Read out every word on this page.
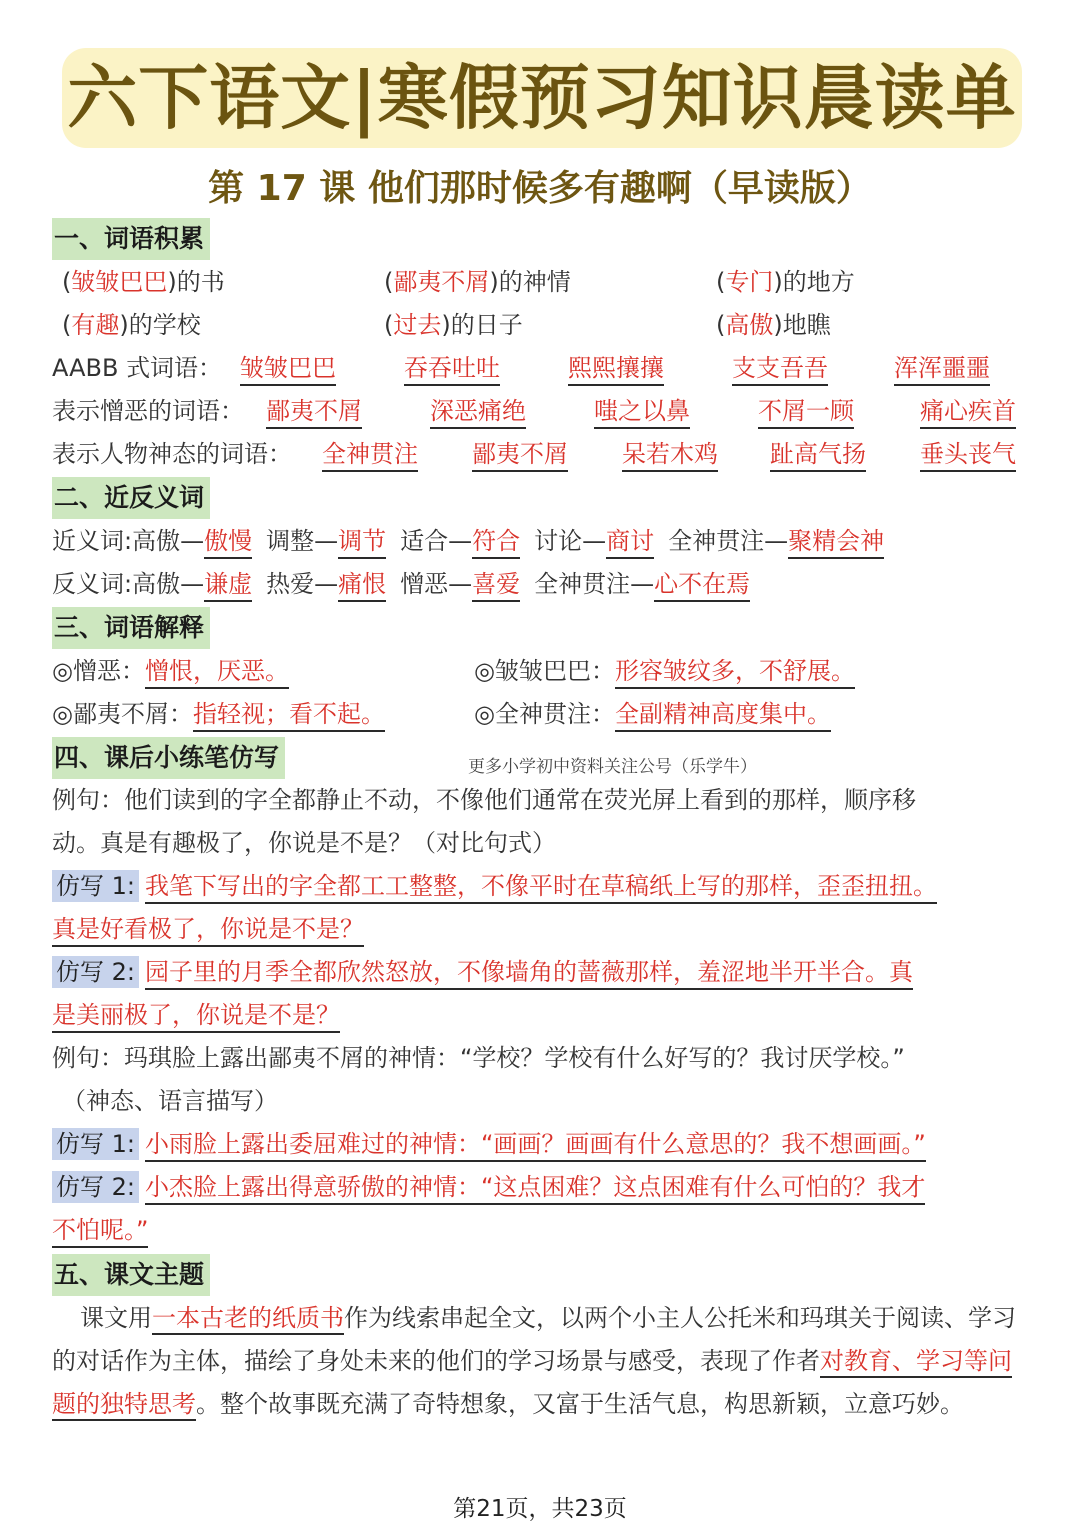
六下语文|寒假预习知识晨读单
第 17 课 他们那时候多有趣啊（早读版）
一、词语积累
(皱皱巴巴)的书	(鄙夷不屑)的神情	(专门)的地方
(有趣)的学校	(过去)的日子	(高傲)地瞧
AABB 式词语： 皱皱巴巴	吞吞吐吐	熙熙攘攘	支支吾吾	浑浑噩噩
表示憎恶的词语： 鄙夷不屑	深恶痛绝	嗤之以鼻	不屑一顾	痛心疾首
表示人物神态的词语： 全神贯注 鄙夷不屑 呆若木鸡 趾高气扬 垂头丧气
二、近反义词
近义词:高傲—傲慢 调整—调节 适合—符合 讨论—商讨 全神贯注—聚精会神
反义词:高傲—谦虚 热爱—痛恨 憎恶—喜爱 全神贯注—心不在焉
三、词语解释
◎憎恶：憎恨，厌恶。	◎皱皱巴巴：形容皱纹多，不舒展。
◎鄙夷不屑：指轻视；看不起。	◎全神贯注：全副精神高度集中。
四、课后小练笔仿写	更多小学初中资料关注公号（乐学牛）
例句：他们读到的字全都静止不动，不像他们通常在荧光屏上看到的那样，顺序移
动。真是有趣极了，你说是不是？（对比句式）
仿写 1: 我笔下写出的字全都工工整整，不像平时在草稿纸上写的那样，歪歪扭扭。
真是好看极了，你说是不是？
仿写 2: 园子里的月季全都欣然怒放，不像墙角的蔷薇那样，羞涩地半开半合。真
是美丽极了，你说是不是？
例句：玛琪脸上露出鄙夷不屑的神情：“学校？学校有什么好写的？我讨厌学校。”
（神态、语言描写）
仿写 1: 小雨脸上露出委屈难过的神情：“画画？画画有什么意思的？我不想画画。”
仿写 2: 小杰脸上露出得意骄傲的神情：“这点困难？这点困难有什么可怕的？我才
不怕呢。”
五、课文主题
课文用一本古老的纸质书作为线索串起全文，以两个小主人公托米和玛琪关于阅读、学习的对话作为主体，描绘了身处未来的他们的学习场景与感受，表现了作者对教育、学习等问题的独特思考。整个故事既充满了奇特想象，又富于生活气息，构思新颖，立意巧妙。
第21页，共23页
